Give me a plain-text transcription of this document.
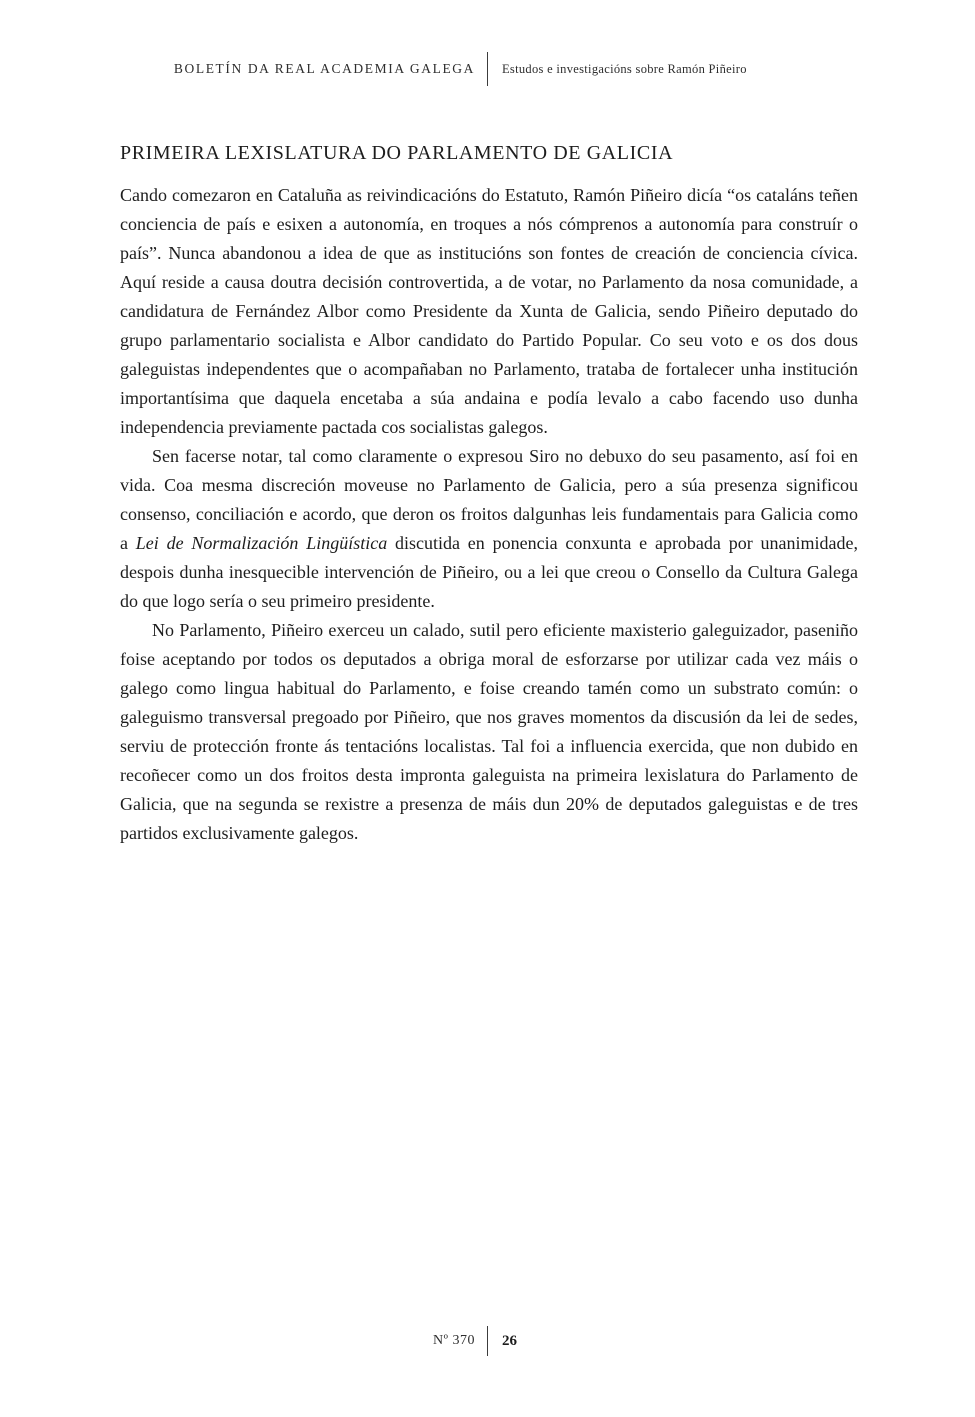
BOLETÍN DA REAL ACADEMIA GALEGA	Estudos e investigacións sobre Ramón Piñeiro
PRIMEIRA LEXISLATURA DO PARLAMENTO DE GALICIA

Cando comezaron en Cataluña as reivindicacións do Estatuto, Ramón Piñeiro dicía “os cataláns teñen conciencia de país e esixen a autonomía, en troques a nós cómprenos a autonomía para construír o país”. Nunca abandonou a idea de que as institucións son fontes de creación de conciencia cívica. Aquí reside a causa doutra decisión controvertida, a de votar, no Parlamento da nosa comunidade, a candidatura de Fernández Albor como Presidente da Xunta de Galicia, sendo Piñeiro deputado do grupo parlamentario socialista e Albor candidato do Partido Popular. Co seu voto e os dos dous galeguistas independentes que o acompañaban no Parlamento, trataba de fortalecer unha institución importantísima que daquela encetaba a súa andaina e podía levalo a cabo facendo uso dunha independencia previamente pactada cos socialistas galegos.

Sen facerse notar, tal como claramente o expresou Siro no debuxo do seu pasamento, así foi en vida. Coa mesma discreción moveuse no Parlamento de Galicia, pero a súa presenza significou consenso, conciliación e acordo, que deron os froitos dalgunhas leis fundamentais para Galicia como a Lei de Normalización Lingüística discutida en ponencia conxunta e aprobada por unanimidade, despois dunha inesquecible intervención de Piñeiro, ou a lei que creou o Consello da Cultura Galega do que logo sería o seu primeiro presidente.

No Parlamento, Piñeiro exerceu un calado, sutil pero eficiente maxisterio galeguizador, paseniño foise aceptando por todos os deputados a obriga moral de esforzarse por utilizar cada vez máis o galego como lingua habitual do Parlamento, e foise creando tamén como un substrato común: o galeguismo transversal pregoado por Piñeiro, que nos graves momentos da discusión da lei de sedes, serviu de protección fronte ás tentacións localistas. Tal foi a influencia exercida, que non dubido en recoñecer como un dos froitos desta impronta galeguista na primeira lexislatura do Parlamento de Galicia, que na segunda se rexistre a presenza de máis dun 20% de deputados galeguistas e de tres partidos exclusivamente galegos.

Nº 370	26
